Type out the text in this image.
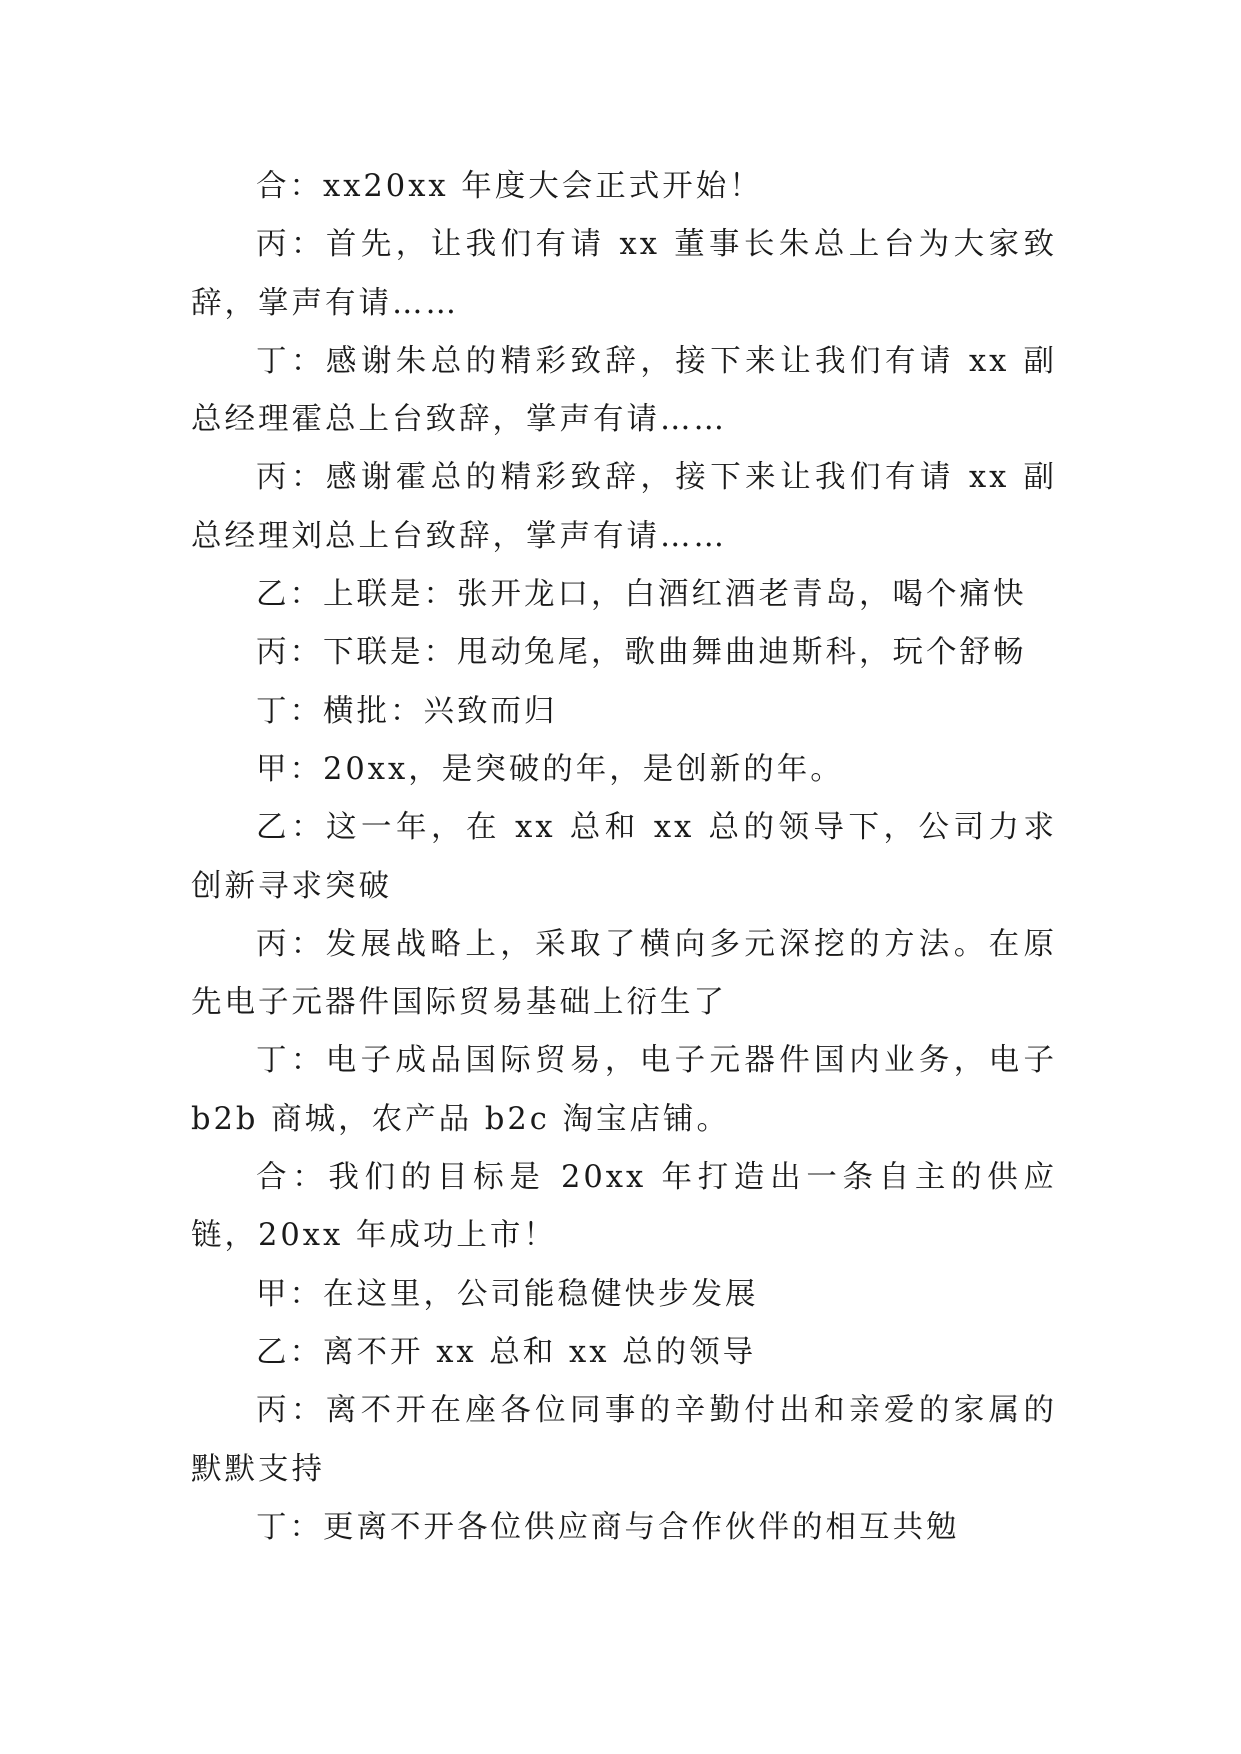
合：xx20xx 年度大会正式开始！

丙：首先，让我们有请 xx 董事长朱总上台为大家致辞，掌声有请……

丁：感谢朱总的精彩致辞，接下来让我们有请 xx 副总经理霍总上台致辞，掌声有请……

丙：感谢霍总的精彩致辞，接下来让我们有请 xx 副总经理刘总上台致辞，掌声有请……

乙：上联是：张开龙口，白酒红酒老青岛，喝个痛快

丙：下联是：甩动兔尾，歌曲舞曲迪斯科，玩个舒畅

丁：横批：兴致而归

甲：20xx，是突破的年，是创新的年。

乙：这一年，在 xx 总和 xx 总的领导下，公司力求创新寻求突破

丙：发展战略上，采取了横向多元深挖的方法。在原先电子元器件国际贸易基础上衍生了

丁：电子成品国际贸易，电子元器件国内业务，电子 b2b 商城，农产品 b2c 淘宝店铺。

合：我们的目标是 20xx 年打造出一条自主的供应链，20xx 年成功上市！

甲：在这里，公司能稳健快步发展

乙：离不开 xx 总和 xx 总的领导

丙：离不开在座各位同事的辛勤付出和亲爱的家属的默默支持

丁：更离不开各位供应商与合作伙伴的相互共勉
